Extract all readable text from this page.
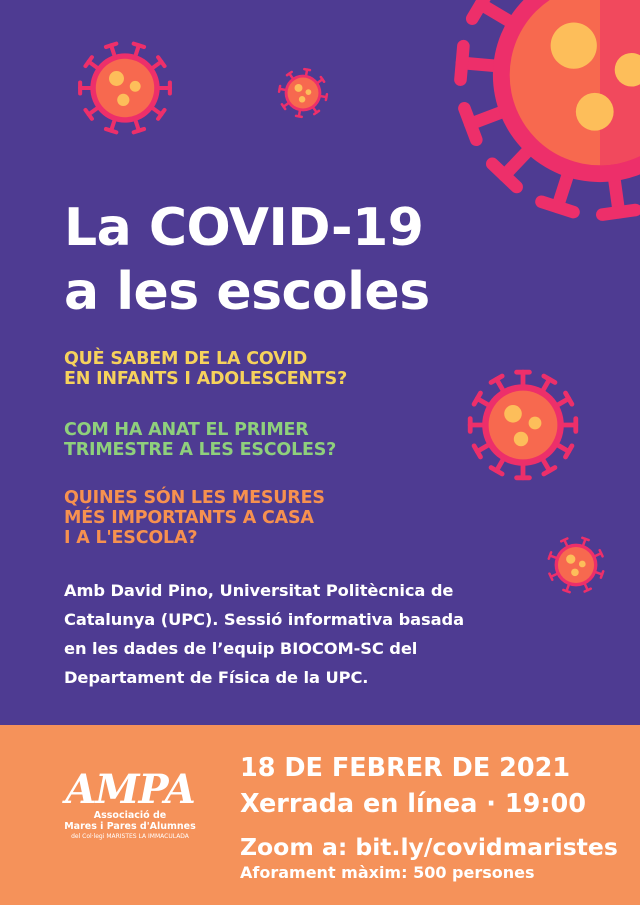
La COVID-19
a les escoles

QUÈ SABEM DE LA COVID
EN INFANTS I ADOLESCENTS?

COM HA ANAT EL PRIMER
TRIMESTRE A LES ESCOLES?

QUINES SÓN LES MESURES
MÉS IMPORTANTS A CASA
I A L'ESCOLA?

Amb David Pino, Universitat Politècnica de
Catalunya (UPC). Sessió informativa basada
en les dades de l’equip BIOCOM-SC del
Departament de Física de la UPC.

AMPA
Associació de
Mares i Pares d'Alumnes
del Col·legi MARISTES LA IMMACULADA

18 DE FEBRER DE 2021

Xerrada en línea · 19:00

Zoom a: bit.ly/covidmaristes

Aforament màxim: 500 persones
